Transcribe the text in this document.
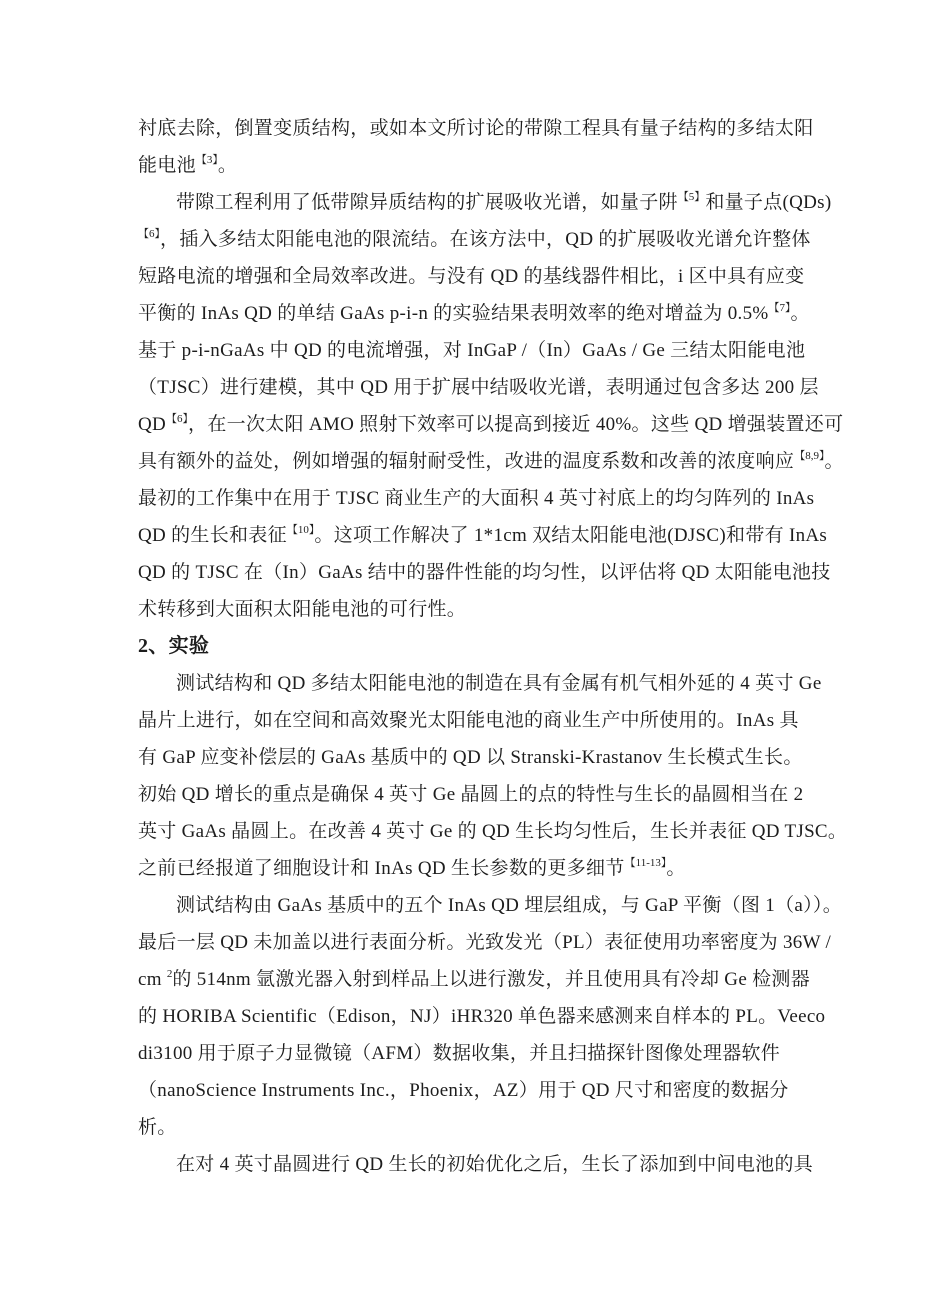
衬底去除，倒置变质结构，或如本文所讨论的带隙工程具有量子结构的多结太阳
能电池$^{【3】}$。
带隙工程利用了低带隙异质结构的扩展吸收光谱，如量子阱$^{【5】}$和量子点(QDs)
$^{【6】}$，插入多结太阳能电池的限流结。在该方法中，QD 的扩展吸收光谱允许整体
短路电流的增强和全局效率改进。与没有 QD 的基线器件相比，i 区中具有应变
平衡的 InAs QD 的单结 GaAs p-i-n 的实验结果表明效率的绝对增益为 0.5%$^{【7】}$。
基于 p-i-nGaAs 中 QD 的电流增强，对 InGaP /（In）GaAs / Ge 三结太阳能电池
（TJSC）进行建模，其中 QD 用于扩展中结吸收光谱，表明通过包含多达 200 层
$QD^{【6】}$，在一次太阳 AMO 照射下效率可以提高到接近 40%。这些 QD 增强装置还可
具有额外的益处，例如增强的辐射耐受性，改进的温度系数和改善的浓度响应$^{【8,9】}$。
最初的工作集中在用于 TJSC 商业生产的大面积 4 英寸衬底上的均匀阵列的 InAs
QD 的生长和表征$^{【10】}$。这项工作解决了 1*1cm 双结太阳能电池(DJSC)和带有 InAs
QD 的 TJSC 在（In）GaAs 结中的器件性能的均匀性，以评估将 QD 太阳能电池技
术转移到大面积太阳能电池的可行性。
2、实验
测试结构和 QD 多结太阳能电池的制造在具有金属有机气相外延的 4 英寸 Ge
晶片上进行，如在空间和高效聚光太阳能电池的商业生产中所使用的。InAs 具
有 GaP 应变补偿层的 GaAs 基质中的 QD 以 Stranski-Krastanov 生长模式生长。
初始 QD 增长的重点是确保 4 英寸 Ge 晶圆上的点的特性与生长的晶圆相当在 2
英寸 GaAs 晶圆上。在改善 4 英寸 Ge 的 QD 生长均匀性后，生长并表征 QD TJSC。
之前已经报道了细胞设计和 InAs QD 生长参数的更多细节$^{【11-13】}$。
测试结构由 GaAs 基质中的五个 InAs QD 埋层组成，与 GaP 平衡（图 1（a））。
最后一层 QD 未加盖以进行表面分析。光致发光（PL）表征使用功率密度为 36W /
cm $^2$的 514nm 氩激光器入射到样品上以进行激发，并且使用具有冷却 Ge 检测器
的 HORIBA Scientific（Edison，NJ）iHR320 单色器来感测来自样本的 PL。Veeco
di3100 用于原子力显微镜（AFM）数据收集，并且扫描探针图像处理器软件
（nanoScience Instruments Inc.，Phoenix，AZ）用于 QD 尺寸和密度的数据分
析。
在对 4 英寸晶圆进行 QD 生长的初始优化之后，生长了添加到中间电池的具
